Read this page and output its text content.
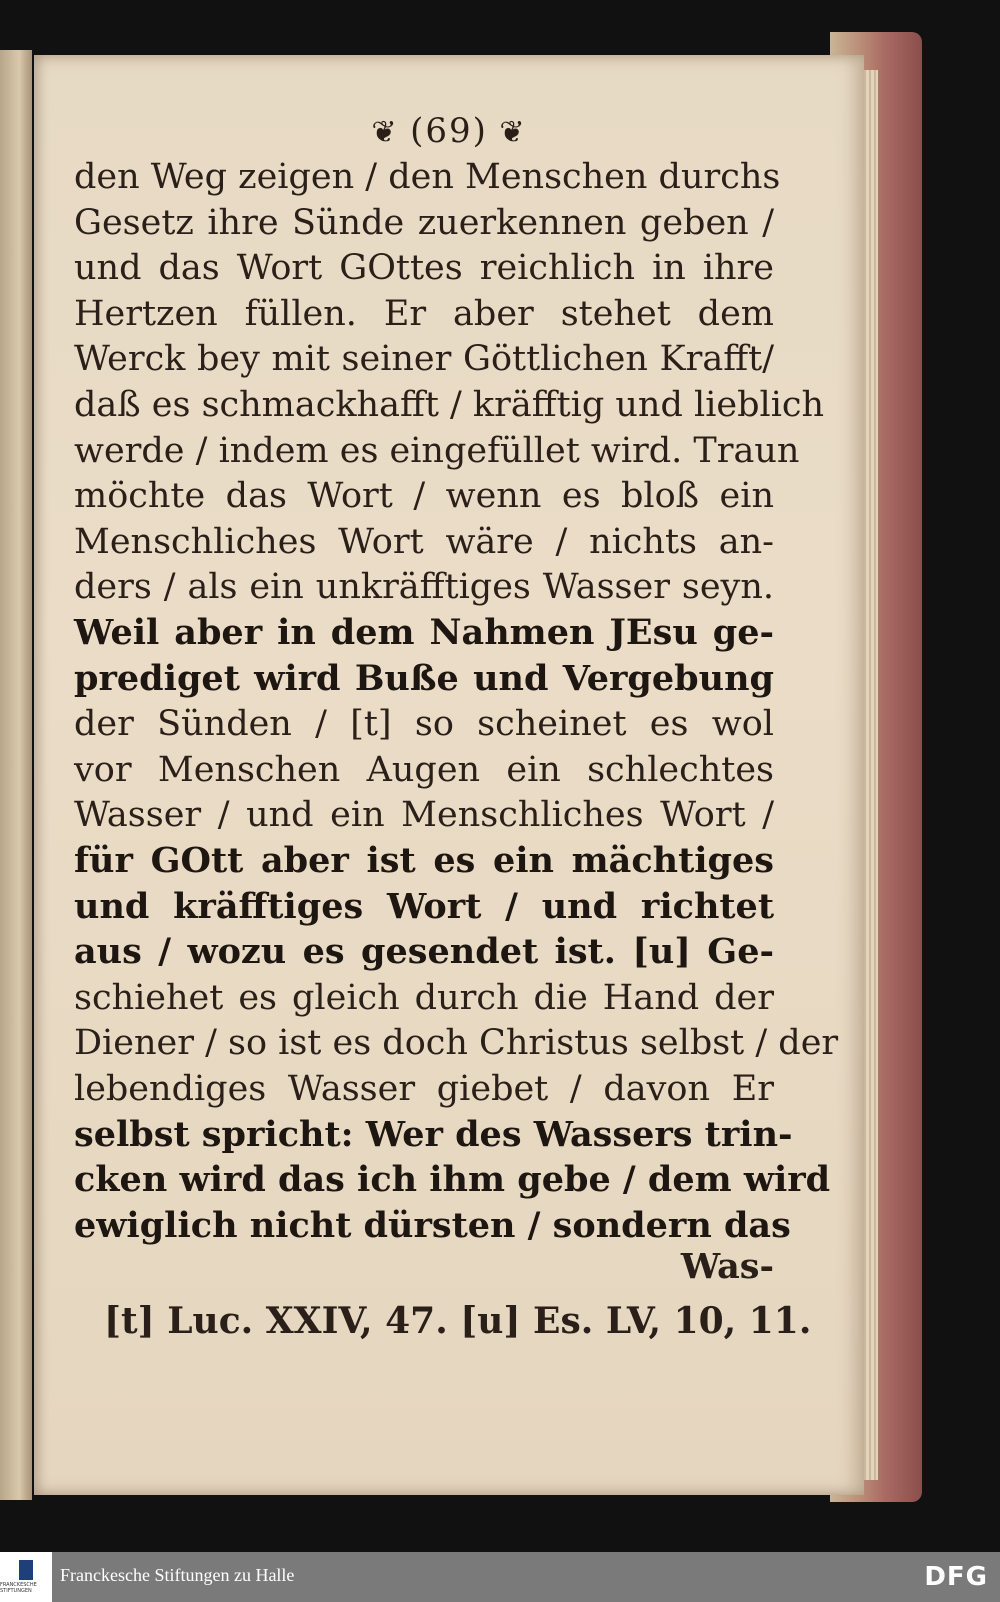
❦ (69) ❦
den Weg zeigen / den Menschen durchs
Gesetz ihre Sünde zuerkennen geben /
und das Wort GOttes reichlich in ihre
Hertzen füllen. Er aber stehet dem
Werck bey mit seiner Göttlichen Krafft/
daß es schmackhafft / kräfftig und lieblich
werde / indem es eingefüllet wird. Traun
möchte das Wort / wenn es bloß ein
Menschliches Wort wäre / nichts an-
ders / als ein unkräfftiges Wasser seyn.
Weil aber in dem Nahmen JEsu ge-
prediget wird Buße und Vergebung
der Sünden / [t] so scheinet es wol
vor Menschen Augen ein schlechtes
Wasser / und ein Menschliches Wort /
für GOtt aber ist es ein mächtiges
und kräfftiges Wort / und richtet
aus / wozu es gesendet ist. [u] Ge-
schiehet es gleich durch die Hand der
Diener / so ist es doch Christus selbst / der
lebendiges Wasser giebet / davon Er
selbst spricht: Wer des Wassers trin-
cken wird das ich ihm gebe / dem wird
ewiglich nicht dürsten / sondern das
Was-
[t] Luc. XXIV, 47. [u] Es. LV, 10, 11.
FRANCKESCHE STIFTUNGEN
Franckesche Stiftungen zu Halle	DFG
